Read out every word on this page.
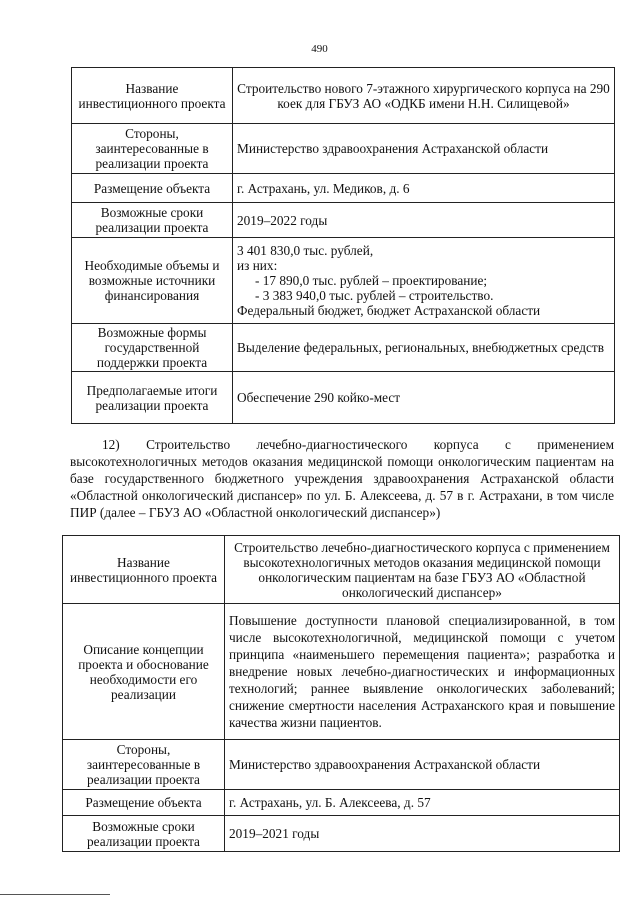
490
Название инвестиционного проекта	Строительство нового 7-этажного хирургического корпуса на 290 коек для ГБУЗ АО «ОДКБ имени Н.Н. Силищевой»
Стороны, заинтересованные в реализации проекта	Министерство здравоохранения Астраханской области
Размещение объекта	г. Астрахань, ул. Медиков, д. 6
Возможные сроки реализации проекта	2019–2022 годы
Необходимые объемы и возможные источники финансирования	3 401 830,0 тыс. рублей,
из них:
- 17 890,0 тыс. рублей – проектирование;
- 3 383 940,0 тыс. рублей – строительство.
Федеральный бюджет, бюджет Астраханской области

Возможные формы государственной поддержки проекта	Выделение федеральных, региональных, внебюджетных средств
Предполагаемые итоги реализации проекта	Обеспечение 290 койко-мест
12) Строительство лечебно-диагностического корпуса с применением высокотехнологичных методов оказания медицинской помощи онкологическим пациентам на базе государственного бюджетного учреждения здравоохранения Астраханской области «Областной онкологический диспансер» по ул. Б. Алексеева, д. 57 в г. Астрахани, в том числе ПИР (далее – ГБУЗ АО «Областной онкологический диспансер»)
Название инвестиционного проекта	Строительство лечебно-диагностического корпуса с применением высокотехнологичных методов оказания медицинской помощи онкологическим пациентам на базе ГБУЗ АО «Областной онкологический диспансер»
Описание концепции проекта и обоснование необходимости его реализации	Повышение доступности плановой специализированной, в том числе высокотехнологичной, медицинской помощи с учетом принципа «наименьшего перемещения пациента»; разработка и внедрение новых лечебно-диагностических и информационных технологий; раннее выявление онкологических заболеваний; снижение смертности населения Астраханского края и повышение качества жизни пациентов.
Стороны, заинтересованные в реализации проекта	Министерство здравоохранения Астраханской области
Размещение объекта	г. Астрахань, ул. Б. Алексеева, д. 57
Возможные сроки реализации проекта	2019–2021 годы
